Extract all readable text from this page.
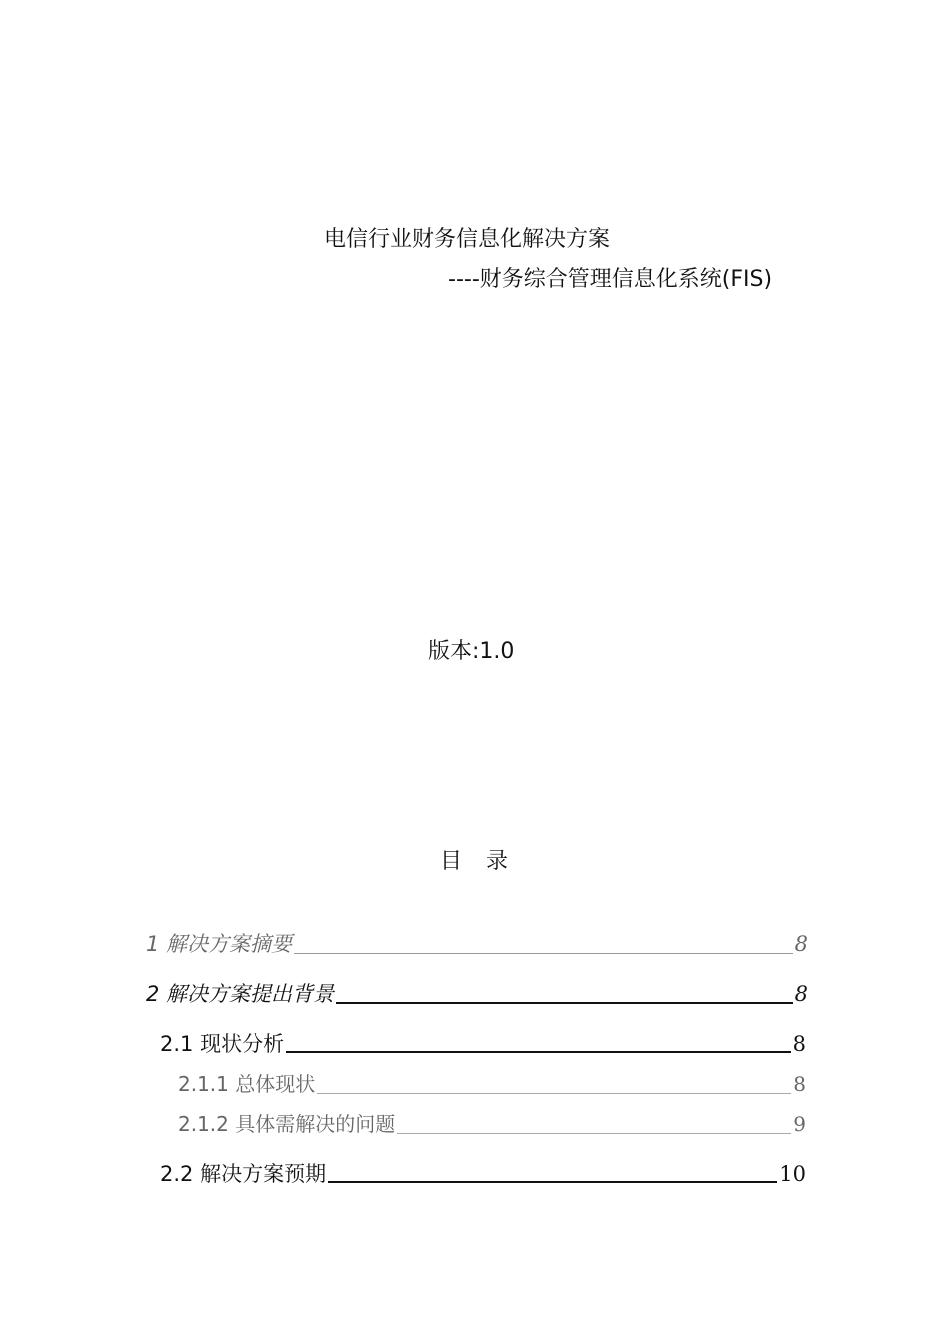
电信行业财务信息化解决方案
----财务综合管理信息化系统(FIS)
版本:1.0
目 录
1 解决方案摘要	8
2 解决方案提出背景	8
2.1 现状分析	8
2.1.1 总体现状	8
2.1.2 具体需解决的问题	9
2.2 解决方案预期	10
